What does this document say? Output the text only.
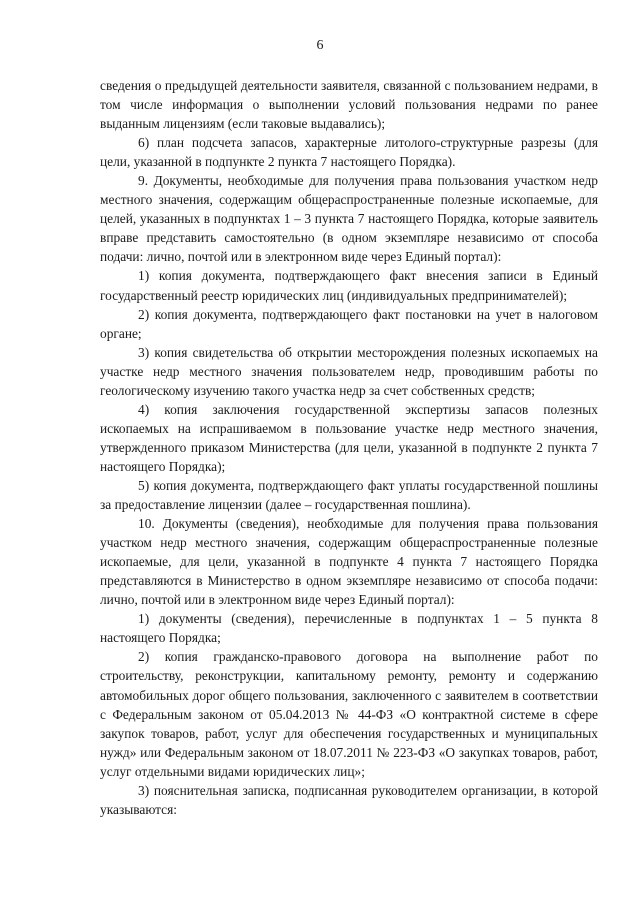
6

сведения о предыдущей деятельности заявителя, связанной с пользованием недрами, в том числе информация о выполнении условий пользования недрами по ранее выданным лицензиям (если таковые выдавались);

6) план подсчета запасов, характерные литолого-структурные разрезы (для цели, указанной в подпункте 2 пункта 7 настоящего Порядка).

9. Документы, необходимые для получения права пользования участком недр местного значения, содержащим общераспространенные полезные ископаемые, для целей, указанных в подпунктах 1 – 3 пункта 7 настоящего Порядка, которые заявитель вправе представить самостоятельно (в одном экземпляре независимо от способа подачи: лично, почтой или в электронном виде через Единый портал):

1) копия документа, подтверждающего факт внесения записи в Единый государственный реестр юридических лиц (индивидуальных предпринимателей);

2) копия документа, подтверждающего факт постановки на учет в налоговом органе;

3) копия свидетельства об открытии месторождения полезных ископаемых на участке недр местного значения пользователем недр, проводившим работы по геологическому изучению такого участка недр за счет собственных средств;

4) копия заключения государственной экспертизы запасов полезных ископаемых на испрашиваемом в пользование участке недр местного значения, утвержденного приказом Министерства (для цели, указанной в подпункте 2 пункта 7 настоящего Порядка);

5) копия документа, подтверждающего факт уплаты государственной пошлины за предоставление лицензии (далее – государственная пошлина).

10. Документы (сведения), необходимые для получения права пользования участком недр местного значения, содержащим общераспространенные полезные ископаемые, для цели, указанной в подпункте 4 пункта 7 настоящего Порядка представляются в Министерство в одном экземпляре независимо от способа подачи: лично, почтой или в электронном виде через Единый портал):

1) документы (сведения), перечисленные в подпунктах 1 – 5 пункта 8 настоящего Порядка;

2) копия гражданско-правового договора на выполнение работ по строительству, реконструкции, капитальному ремонту, ремонту и содержанию автомобильных дорог общего пользования, заключенного с заявителем в соответствии с Федеральным законом от 05.04.2013 № 44-ФЗ «О контрактной системе в сфере закупок товаров, работ, услуг для обеспечения государственных и муниципальных нужд» или Федеральным законом от 18.07.2011 № 223-ФЗ «О закупках товаров, работ, услуг отдельными видами юридических лиц»;

3) пояснительная записка, подписанная руководителем организации, в которой указываются:
